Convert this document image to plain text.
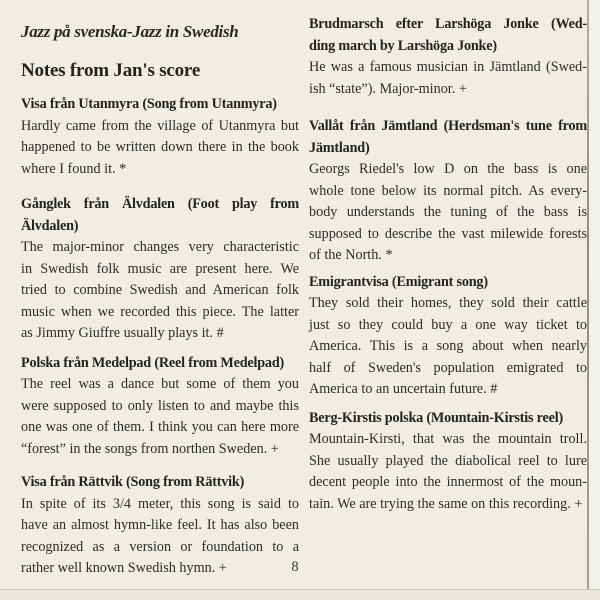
Jazz på svenska-Jazz in Swedish
Notes from Jan's score
Visa från Utanmyra (Song from Utanmyra)
Hardly came from the village of Utanmyra but
happened to be written down there in the book
where I found it. *
Gånglek från Älvdalen (Foot play from
Älvdalen)
The major-minor changes very characteristic
in Swedish folk music are present here. We
tried to combine Swedish and American folk
music when we recorded this piece. The latter
as Jimmy Giuffre usually plays it. #
Polska från Medelpad (Reel from Medelpad)
The reel was a dance but some of them you
were supposed to only listen to and maybe this
one was one of them. I think you can here more
“forest” in the songs from northen Sweden. +
Visa från Rättvik (Song from Rättvik)
In spite of its 3/4 meter, this song is said to
have an almost hymn-like feel. It has also been
recognized as a version or foundation to a
rather well known Swedish hymn. +
Brudmarsch efter Larshöga Jonke (Wed-
ding march by Larshöga Jonke)
He was a famous musician in Jämtland (Swed-
ish “state”). Major-minor. +
Vallåt från Jämtland (Herdsman's tune from
Jämtland)
Georgs Riedel's low D on the bass is one
whole tone below its normal pitch. As every-
body understands the tuning of the bass is
supposed to describe the vast milewide forests
of the North. *
Emigrantvisa (Emigrant song)
They sold their homes, they sold their cattle
just so they could buy a one way ticket to
America. This is a song about when nearly
half of Sweden's population emigrated to
America to an uncertain future. #
Berg-Kirstis polska (Mountain-Kirstis reel)
Mountain-Kirsti, that was the mountain troll.
She usually played the diabolical reel to lure
decent people into the innermost of the moun-
tain. We are trying the same on this recording. +
8
